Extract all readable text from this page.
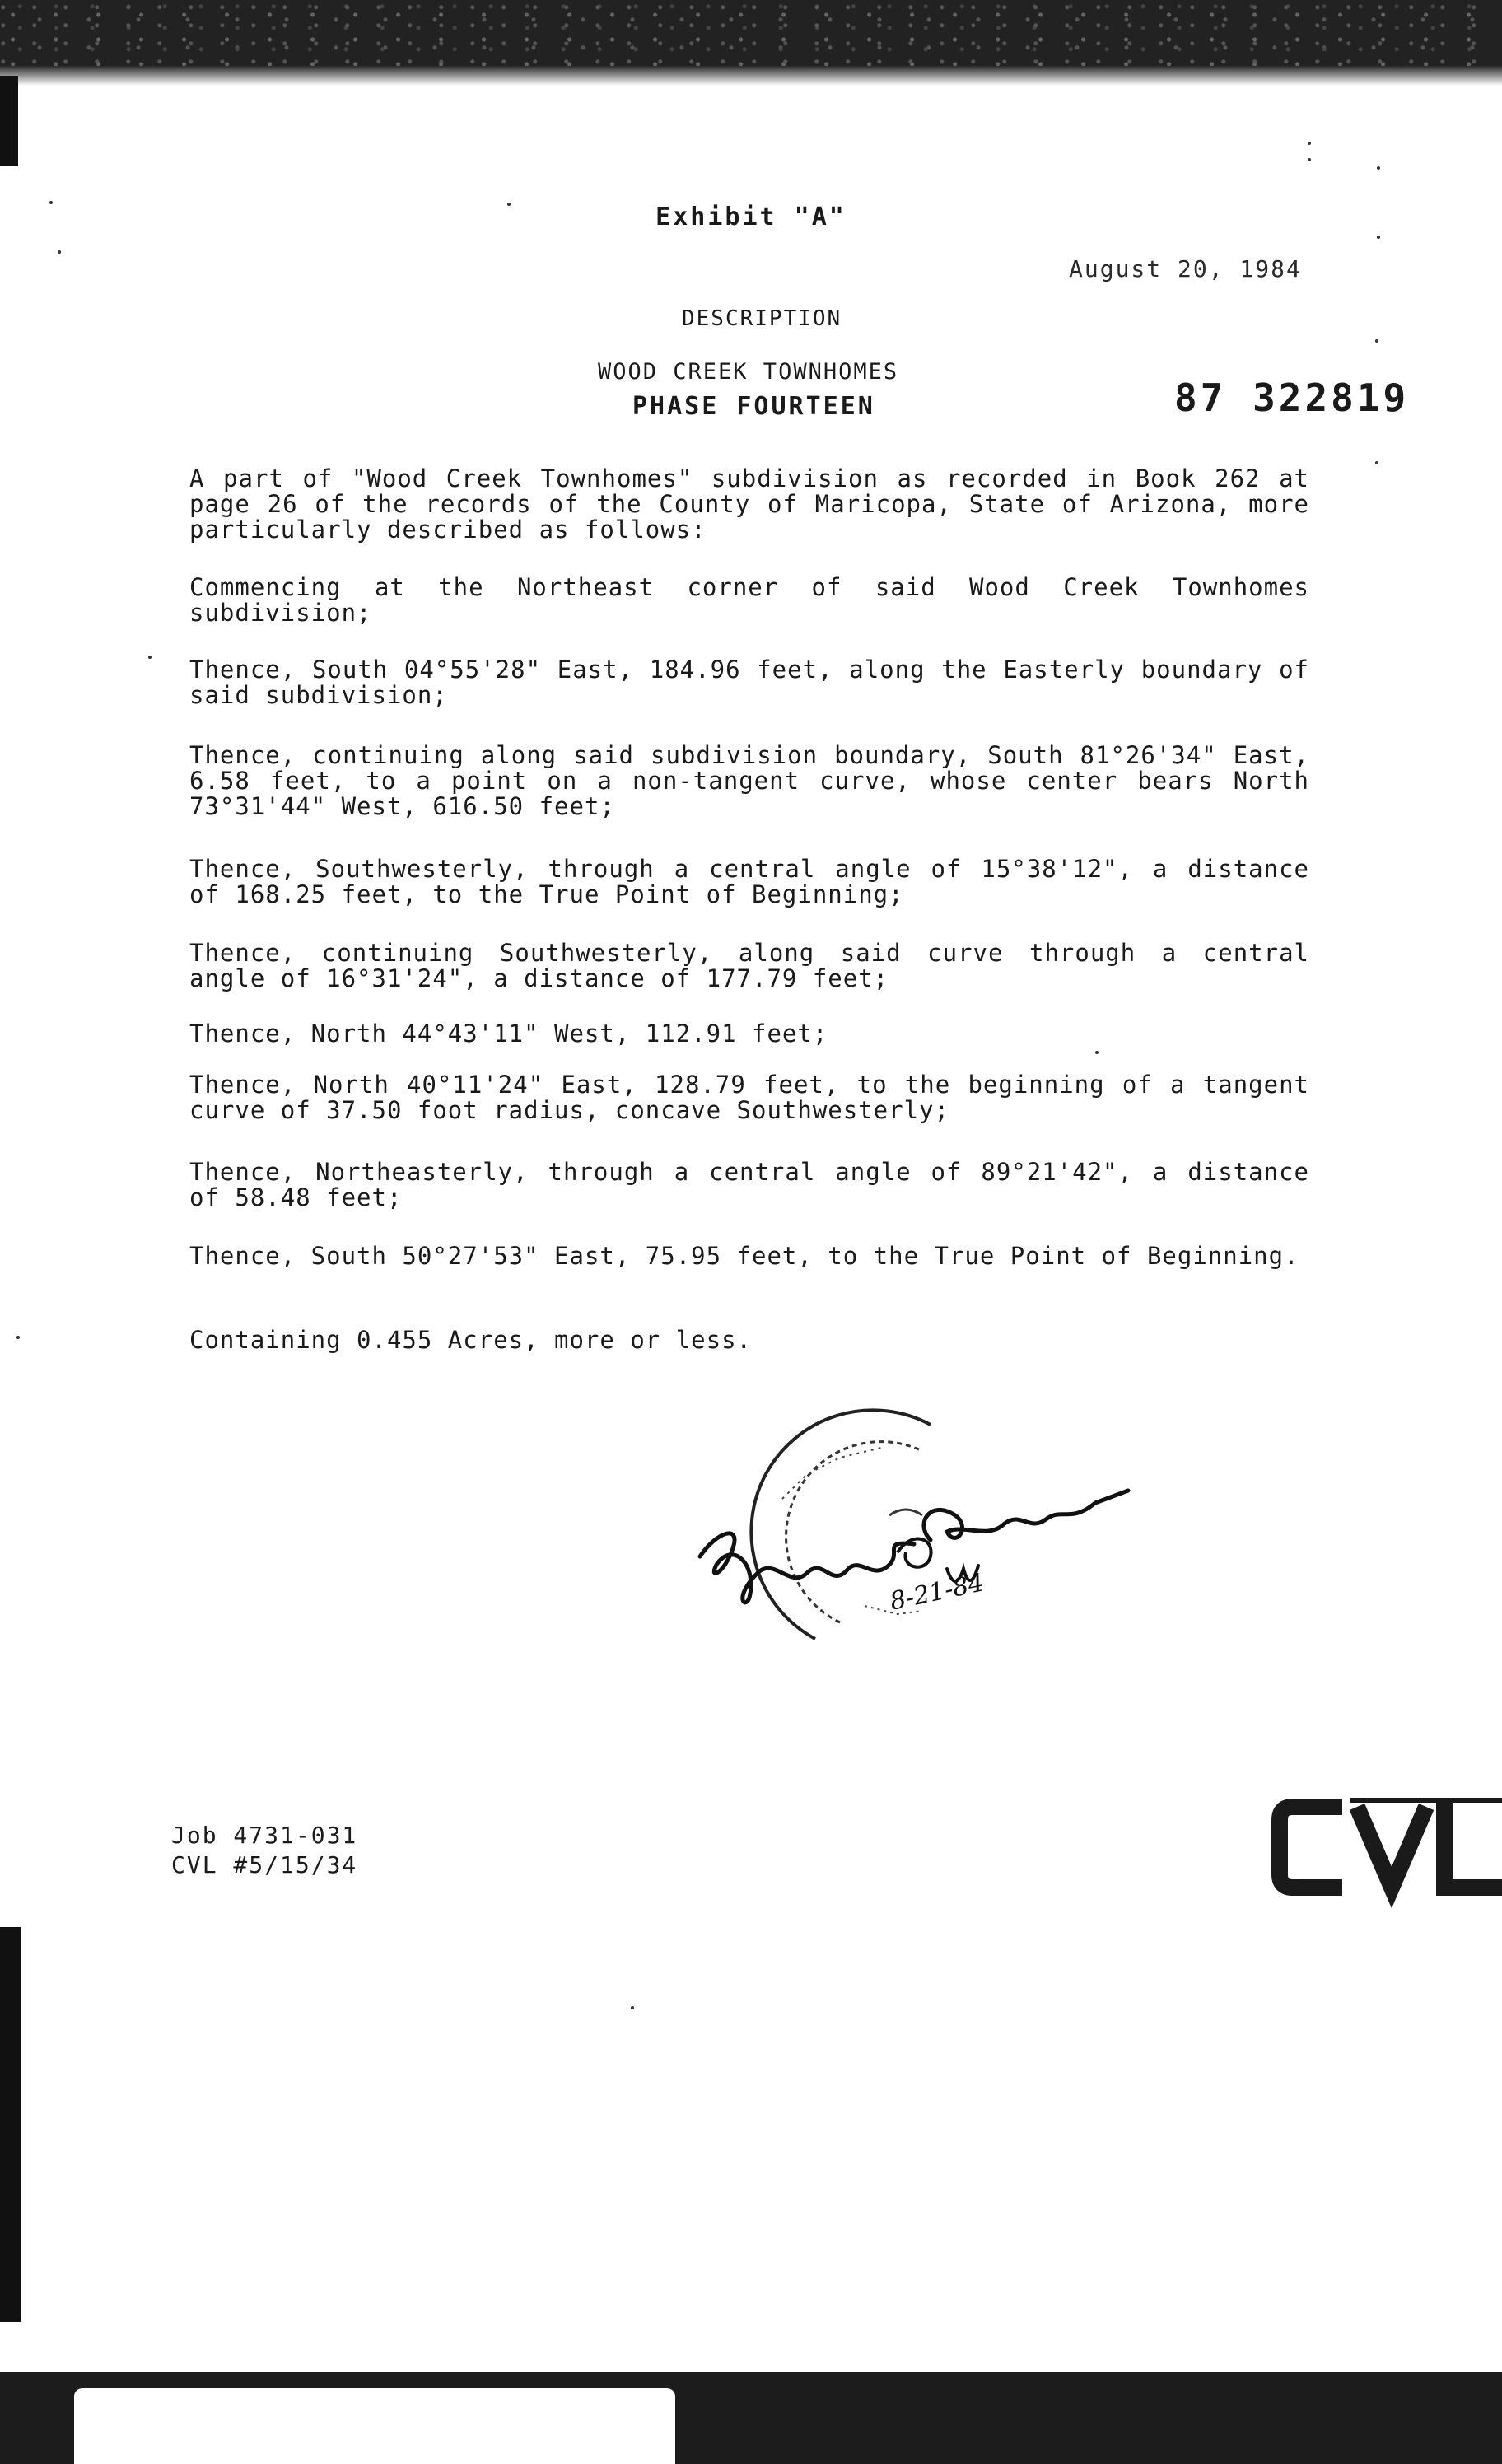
Exhibit "A"
August 20, 1984
DESCRIPTION
WOOD CREEK TOWNHOMES
PHASE FOURTEEN	87 322819

A part of "Wood Creek Townhomes" subdivision as recorded in Book 262 at page 26 of the records of the County of Maricopa, State of Arizona, more particularly described as follows:

Commencing at the Northeast corner of said Wood Creek Townhomes subdivision;

Thence, South 04°55'28" East, 184.96 feet, along the Easterly boundary of said subdivision;

Thence, continuing along said subdivision boundary, South 81°26'34" East, 6.58 feet, to a point on a non-tangent curve, whose center bears North 73°31'44" West, 616.50 feet;

Thence, Southwesterly, through a central angle of 15°38'12", a distance of 168.25 feet, to the True Point of Beginning;

Thence, continuing Southwesterly, along said curve through a central angle of 16°31'24", a distance of 177.79 feet;

Thence, North 44°43'11" West, 112.91 feet;

Thence, North 40°11'24" East, 128.79 feet, to the beginning of a tangent curve of 37.50 foot radius, concave Southwesterly;

Thence, Northeasterly, through a central angle of 89°21'42", a distance of 58.48 feet;

Thence, South 50°27'53" East, 75.95 feet, to the True Point of Beginning.

Containing 0.455 Acres, more or less.

8-21-84
Job 4731-031
CVL #5/15/34
